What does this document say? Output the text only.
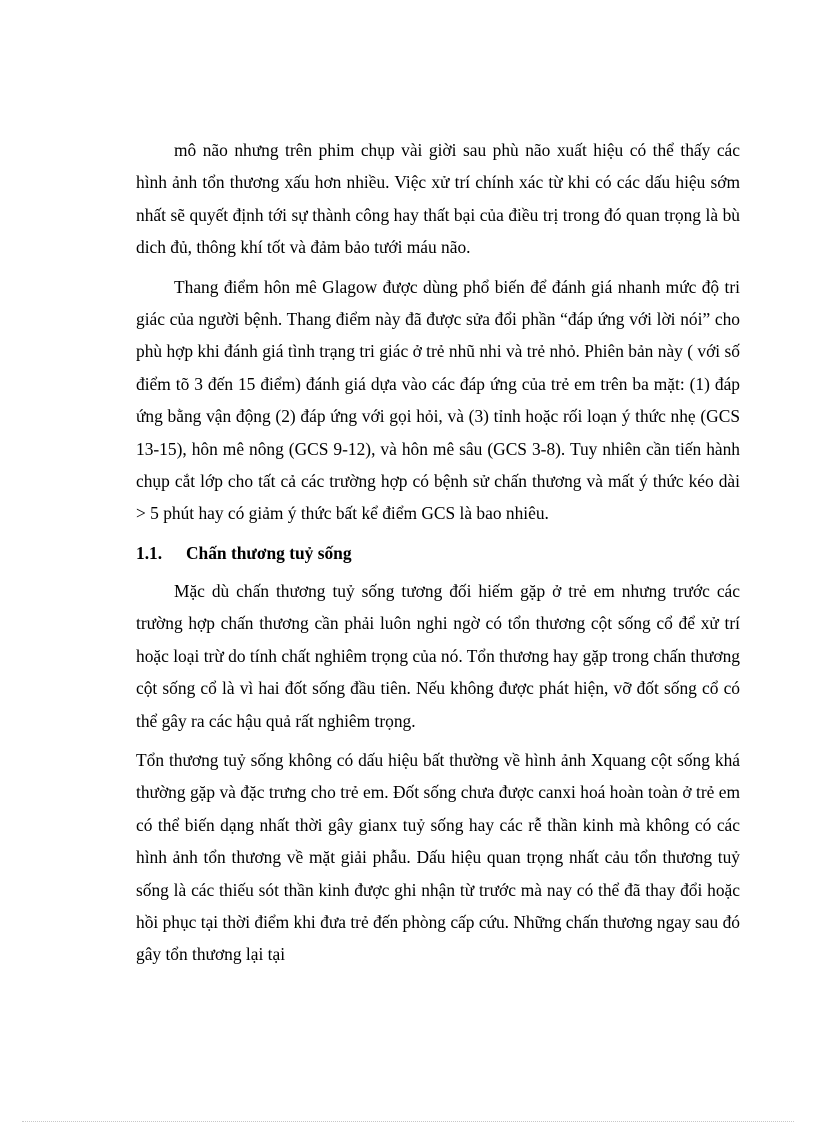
mô não nhưng trên phim chụp vài giời sau phù não xuất hiệu có thể thấy các hình ảnh tổn thương xấu hơn nhiều. Việc xử trí chính xác từ khi có các dấu hiệu sớm nhất sẽ quyết định tới sự thành công hay thất bại của điều trị trong đó quan trọng là bù dich đủ, thông khí tốt và đảm bảo tưới máu não.

Thang điểm hôn mê Glagow được dùng phổ biến để đánh giá nhanh mức độ tri giác của người bệnh. Thang điểm này đã được sửa đổi phần “đáp ứng với lời nói” cho phù hợp khi đánh giá tình trạng tri giác ở trẻ nhũ nhi và trẻ nhỏ. Phiên bản này ( với số điểm tõ 3 đến 15 điểm) đánh giá dựa vào các đáp ứng của trẻ em trên ba mặt: (1) đáp ứng bằng vận động (2) đáp ứng với gọi hỏi, và (3) tỉnh hoặc rối loạn ý thức nhẹ (GCS 13-15), hôn mê nông (GCS 9-12), và hôn mê sâu (GCS 3-8). Tuy nhiên cần tiến hành chụp cắt lớp cho tất cả các trường hợp có bệnh sử chấn thương và mất ý thức kéo dài > 5 phút hay có giảm ý thức bất kể điểm GCS là bao nhiêu.

1.1.	Chấn thương tuỷ sống

Mặc dù chấn thương tuỷ sống tương đối hiếm gặp ở trẻ em nhưng trước các trường hợp chấn thương cần phải luôn nghi ngờ có tổn thương cột sống cổ để xử trí hoặc loại trừ do tính chất nghiêm trọng của nó. Tổn thương hay gặp trong chấn thương cột sống cổ là vì hai đốt sống đầu tiên. Nếu không được phát hiện, vỡ đốt sống cổ có thể gây ra các hậu quả rất nghiêm trọng.

Tổn thương tuỷ sống không có dấu hiệu bất thường về hình ảnh Xquang cột sống khá thường gặp và đặc trưng cho trẻ em. Đốt sống chưa được canxi hoá hoàn toàn ở trẻ em có thể biến dạng nhất thời gây gianx tuỷ sống hay các rễ thần kinh mà không có các hình ảnh tổn thương về mặt giải phẫu. Dấu hiệu quan trọng nhất cảu tổn thương tuỷ sống là các thiếu sót thần kinh được ghi nhận từ trước mà nay có thể đã thay đổi hoặc hồi phục tại thời điểm khi đưa trẻ đến phòng cấp cứu. Những chấn thương ngay sau đó gây tổn thương lại tại
